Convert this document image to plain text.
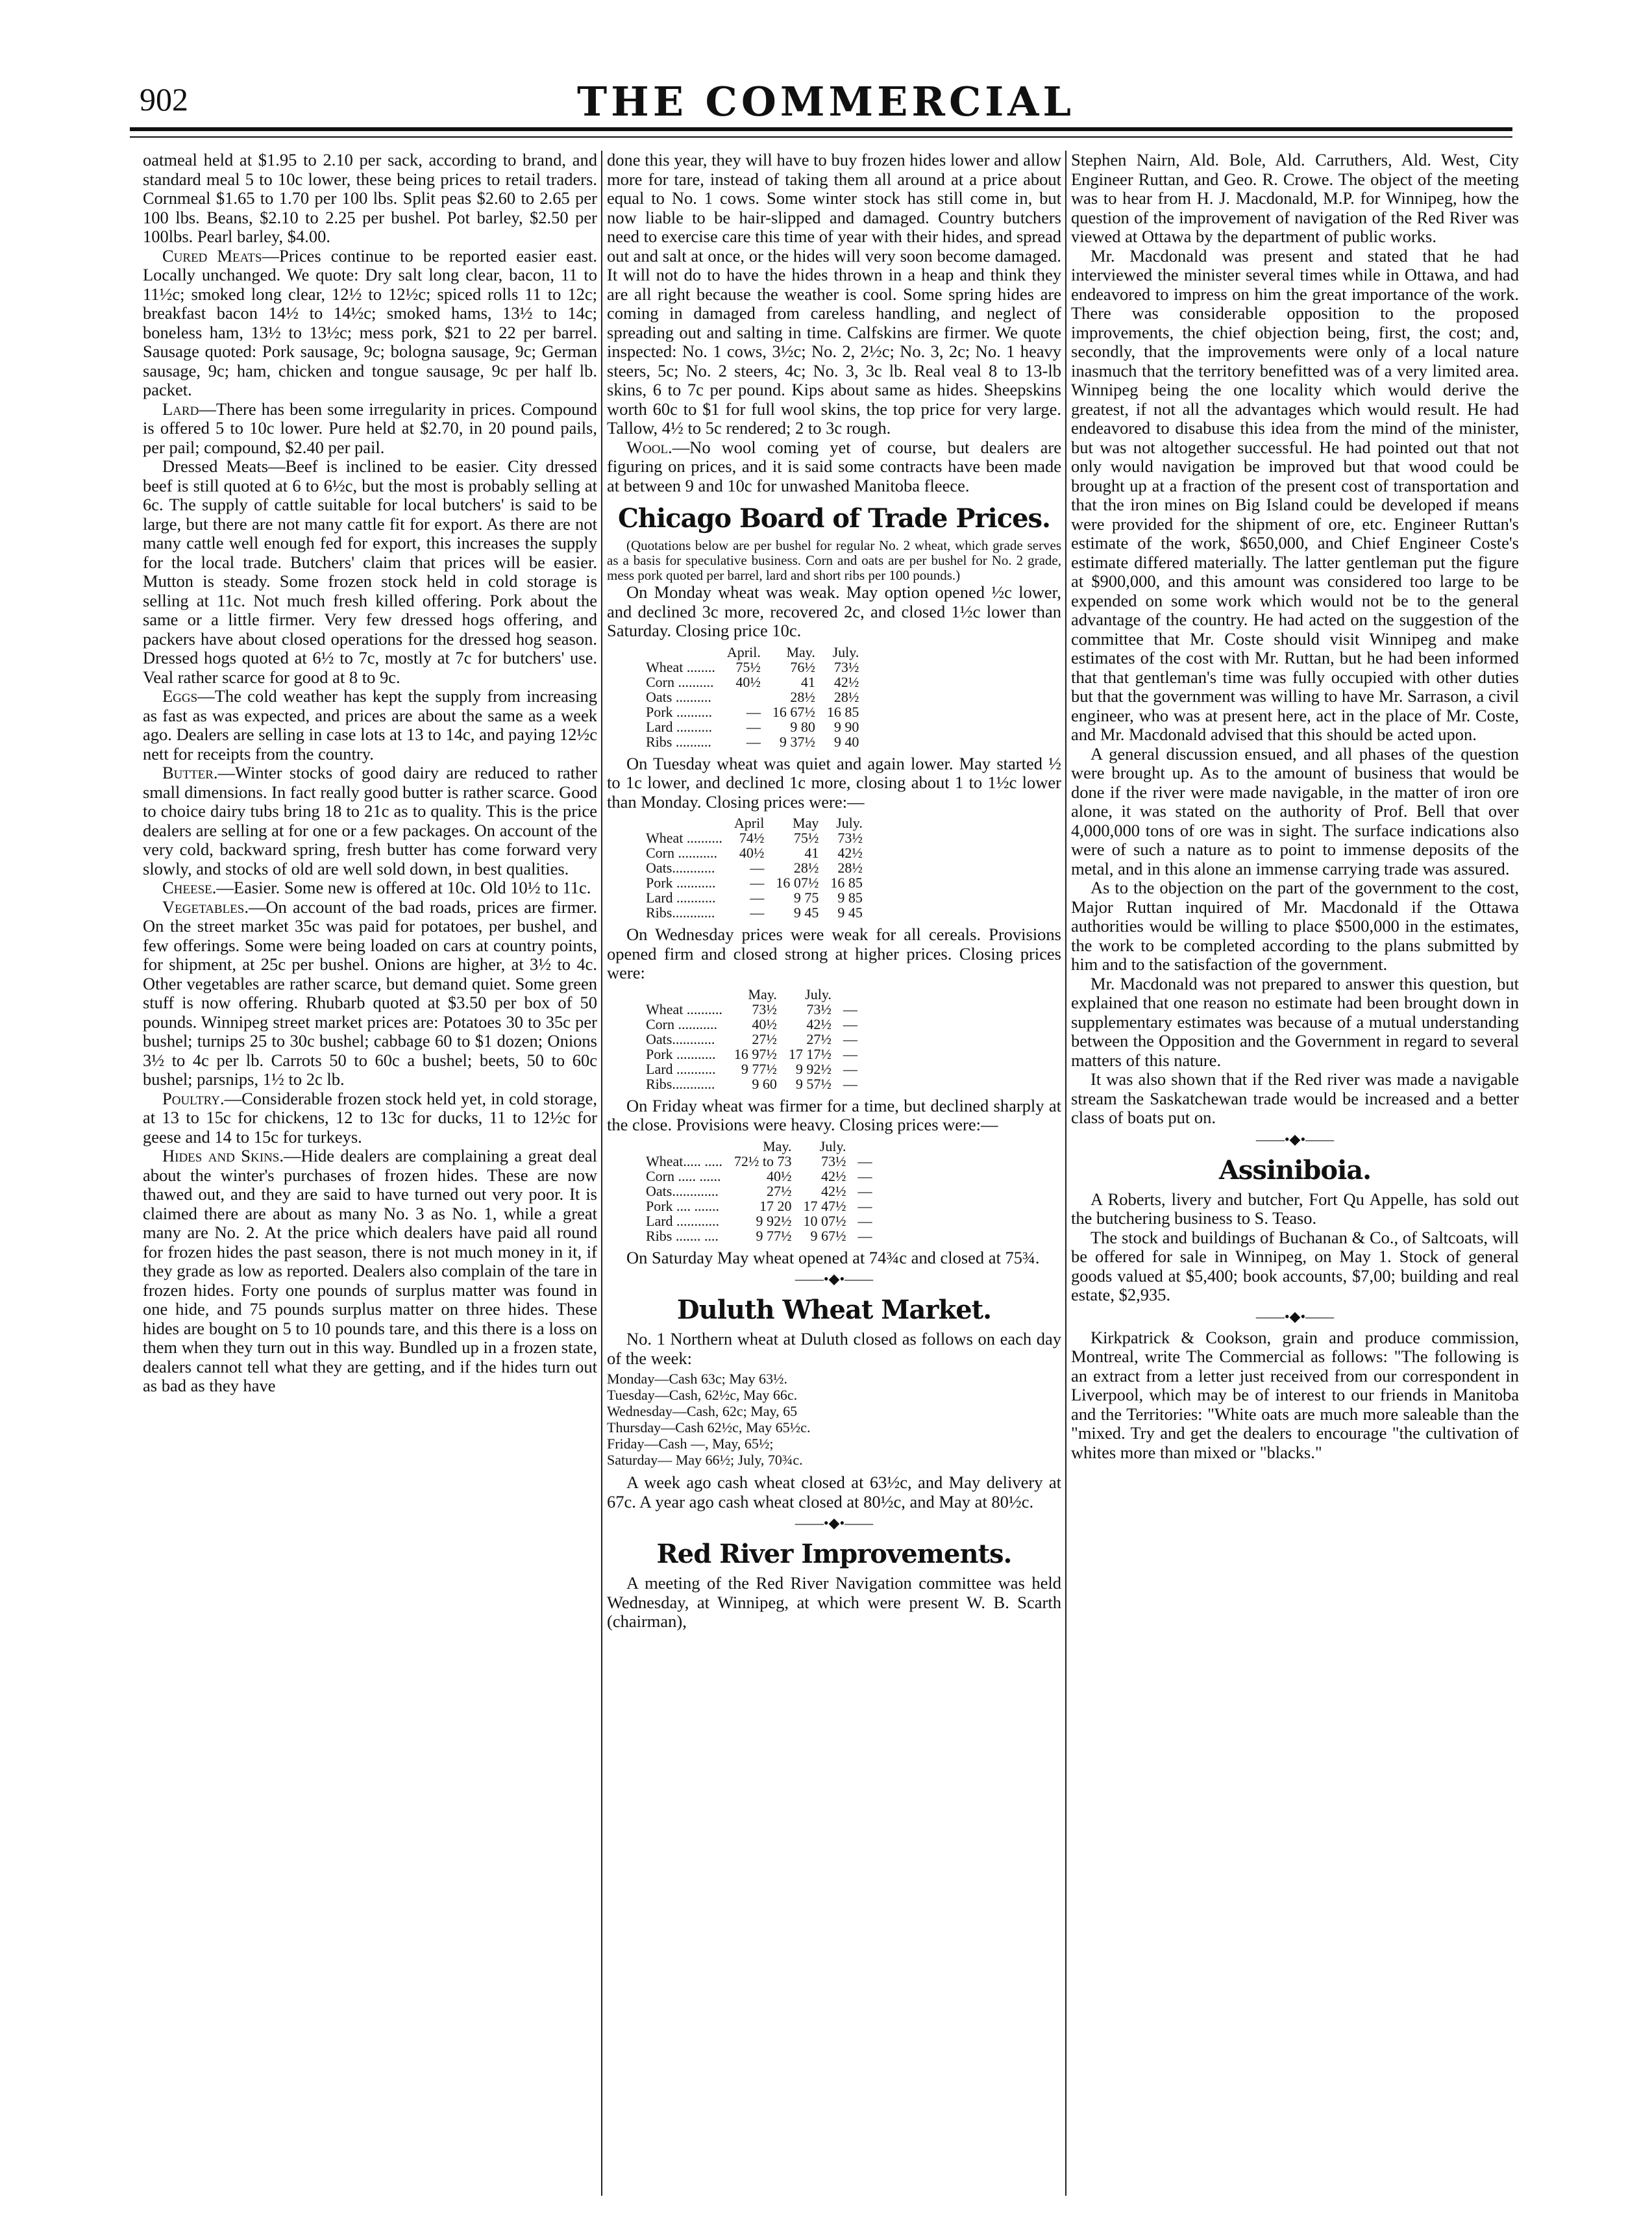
902	THE COMMERCIAL

oatmeal held at $1.95 to 2.10 per sack, according to brand, and standard meal 5 to 10c lower, these being prices to retail traders. Cornmeal $1.65 to 1.70 per 100 lbs. Split peas $2.60 to 2.65 per 100 lbs. Beans, $2.10 to 2.25 per bushel. Pot barley, $2.50 per 100lbs. Pearl barley, $4.00.

Cured Meats—Prices continue to be reported easier east. Locally unchanged. We quote: Dry salt long clear, bacon, 11 to 11½c; smoked long clear, 12½ to 12½c; spiced rolls 11 to 12c; breakfast bacon 14½ to 14½c; smoked hams, 13½ to 14c; boneless ham, 13½ to 13½c; mess pork, $21 to 22 per barrel. Sausage quoted: Pork sausage, 9c; bologna sausage, 9c; German sausage, 9c; ham, chicken and tongue sausage, 9c per half lb. packet.

Lard—There has been some irregularity in prices. Compound is offered 5 to 10c lower. Pure held at $2.70, in 20 pound pails, per pail; compound, $2.40 per pail.

Dressed Meats—Beef is inclined to be easier. City dressed beef is still quoted at 6 to 6½c, but the most is probably selling at 6c. The supply of cattle suitable for local butchers' is said to be large, but there are not many cattle fit for export. As there are not many cattle well enough fed for export, this increases the supply for the local trade. Butchers' claim that prices will be easier. Mutton is steady. Some frozen stock held in cold storage is selling at 11c. Not much fresh killed offering. Pork about the same or a little firmer. Very few dressed hogs offering, and packers have about closed operations for the dressed hog season. Dressed hogs quoted at 6½ to 7c, mostly at 7c for butchers' use. Veal rather scarce for good at 8 to 9c.

Eggs—The cold weather has kept the supply from increasing as fast as was expected, and prices are about the same as a week ago. Dealers are selling in case lots at 13 to 14c, and paying 12½c nett for receipts from the country.

Butter.—Winter stocks of good dairy are reduced to rather small dimensions. In fact really good butter is rather scarce. Good to choice dairy tubs bring 18 to 21c as to quality. This is the price dealers are selling at for one or a few packages. On account of the very cold, backward spring, fresh butter has come forward very slowly, and stocks of old are well sold down, in best qualities.

Cheese.—Easier. Some new is offered at 10c. Old 10½ to 11c.

Vegetables.—On account of the bad roads, prices are firmer. On the street market 35c was paid for potatoes, per bushel, and few offerings. Some were being loaded on cars at country points, for shipment, at 25c per bushel. Onions are higher, at 3½ to 4c. Other vegetables are rather scarce, but demand quiet. Some green stuff is now offering. Rhubarb quoted at $3.50 per box of 50 pounds. Winnipeg street market prices are: Potatoes 30 to 35c per bushel; turnips 25 to 30c bushel; cabbage 60 to $1 dozen; Onions 3½ to 4c per lb. Carrots 50 to 60c a bushel; beets, 50 to 60c bushel; parsnips, 1½ to 2c lb.

Poultry.—Considerable frozen stock held yet, in cold storage, at 13 to 15c for chickens, 12 to 13c for ducks, 11 to 12½c for geese and 14 to 15c for turkeys.

Hides and Skins.—Hide dealers are complaining a great deal about the winter's purchases of frozen hides. These are now thawed out, and they are said to have turned out very poor. It is claimed there are about as many No. 3 as No. 1, while a great many are No. 2. At the price which dealers have paid all round for frozen hides the past season, there is not much money in it, if they grade as low as reported. Dealers also complain of the tare in frozen hides. Forty one pounds of surplus matter was found in one hide, and 75 pounds surplus matter on three hides. These hides are bought on 5 to 10 pounds tare, and this there is a loss on them when they turn out in this way. Bundled up in a frozen state, dealers cannot tell what they are getting, and if the hides turn out as bad as they have

done this year, they will have to buy frozen hides lower and allow more for tare, instead of taking them all around at a price about equal to No. 1 cows. Some winter stock has still come in, but now liable to be hair-slipped and damaged. Country butchers need to exercise care this time of year with their hides, and spread out and salt at once, or the hides will very soon become damaged. It will not do to have the hides thrown in a heap and think they are all right because the weather is cool. Some spring hides are coming in damaged from careless handling, and neglect of spreading out and salting in time. Calfskins are firmer. We quote inspected: No. 1 cows, 3½c; No. 2, 2½c; No. 3, 2c; No. 1 heavy steers, 5c; No. 2 steers, 4c; No. 3, 3c lb. Real veal 8 to 13-lb skins, 6 to 7c per pound. Kips about same as hides. Sheepskins worth 60c to $1 for full wool skins, the top price for very large. Tallow, 4½ to 5c rendered; 2 to 3c rough.

Wool.—No wool coming yet of course, but dealers are figuring on prices, and it is said some contracts have been made at between 9 and 10c for unwashed Manitoba fleece.

Chicago Board of Trade Prices.

(Quotations below are per bushel for regular No. 2 wheat, which grade serves as a basis for speculative business. Corn and oats are per bushel for No. 2 grade, mess pork quoted per barrel, lard and short ribs per 100 pounds.)

On Monday wheat was weak. May option opened ½c lower, and declined 3c more, recovered 2c, and closed 1½c lower than Saturday. Closing price 10c.

	April.	May.	July.
Wheat ........	75½	76½	73½
Corn ..........	40½	41	42½
Oats ..........		28½	28½
Pork ..........	—	16 67½	16 85
Lard ..........	—	9 80	9 90
Ribs ..........	—	9 37½	9 40

On Tuesday wheat was quiet and again lower. May started ½ to 1c lower, and declined 1c more, closing about 1 to 1½c lower than Monday. Closing prices were:—

	April	May	July.
Wheat ..........	74½	75½	73½
Corn ...........	40½	41	42½
Oats............	—	28½	28½
Pork ...........	—	16 07½	16 85
Lard ...........	—	9 75	9 85
Ribs............	—	9 45	9 45

On Wednesday prices were weak for all cereals. Provisions opened firm and closed strong at higher prices. Closing prices were:

	May.	July.	
Wheat ..........	73½	73½	—
Corn ...........	40½	42½	—
Oats............	27½	27½	—
Pork ...........	16 97½	17 17½	—
Lard ...........	9 77½	9 92½	—
Ribs............	9 60	9 57½	—

On Friday wheat was firmer for a time, but declined sharply at the close. Provisions were heavy. Closing prices were:—

	May.	July.	
Wheat..... .....	72½ to 73	73½	—
Corn ..... ......	40½	42½	—
Oats.............	27½	42½	—
Pork .... .......	17 20	17 47½	—
Lard ............	9 92½	10 07½	—
Ribs ....... ....	9 77½	9 67½	—

On Saturday May wheat opened at 74¾c and closed at 75¾.

——•◆•——
Duluth Wheat Market.

No. 1 Northern wheat at Duluth closed as follows on each day of the week:

Monday—Cash 63c; May 63½.
Tuesday—Cash, 62½c, May 66c.
Wednesday—Cash, 62c; May, 65
Thursday—Cash 62½c, May 65½c.
Friday—Cash —, May, 65½;
Saturday— May 66½; July, 70¾c.

A week ago cash wheat closed at 63½c, and May delivery at 67c. A year ago cash wheat closed at 80½c, and May at 80½c.

——•◆•——
Red River Improvements.

A meeting of the Red River Navigation committee was held Wednesday, at Winnipeg, at which were present W. B. Scarth (chairman),

Stephen Nairn, Ald. Bole, Ald. Carruthers, Ald. West, City Engineer Ruttan, and Geo. R. Crowe. The object of the meeting was to hear from H. J. Macdonald, M.P. for Winnipeg, how the question of the improvement of navigation of the Red River was viewed at Ottawa by the department of public works.

Mr. Macdonald was present and stated that he had interviewed the minister several times while in Ottawa, and had endeavored to impress on him the great importance of the work. There was considerable opposition to the proposed improvements, the chief objection being, first, the cost; and, secondly, that the improvements were only of a local nature inasmuch that the territory benefitted was of a very limited area. Winnipeg being the one locality which would derive the greatest, if not all the advantages which would result. He had endeavored to disabuse this idea from the mind of the minister, but was not altogether successful. He had pointed out that not only would navigation be improved but that wood could be brought up at a fraction of the present cost of transportation and that the iron mines on Big Island could be developed if means were provided for the shipment of ore, etc. Engineer Ruttan's estimate of the work, $650,000, and Chief Engineer Coste's estimate differed materially. The latter gentleman put the figure at $900,000, and this amount was considered too large to be expended on some work which would not be to the general advantage of the country. He had acted on the suggestion of the committee that Mr. Coste should visit Winnipeg and make estimates of the cost with Mr. Ruttan, but he had been informed that that gentleman's time was fully occupied with other duties but that the government was willing to have Mr. Sarrason, a civil engineer, who was at present here, act in the place of Mr. Coste, and Mr. Macdonald advised that this should be acted upon.

A general discussion ensued, and all phases of the question were brought up. As to the amount of business that would be done if the river were made navigable, in the matter of iron ore alone, it was stated on the authority of Prof. Bell that over 4,000,000 tons of ore was in sight. The surface indications also were of such a nature as to point to immense deposits of the metal, and in this alone an immense carrying trade was assured.

As to the objection on the part of the government to the cost, Major Ruttan inquired of Mr. Macdonald if the Ottawa authorities would be willing to place $500,000 in the estimates, the work to be completed according to the plans submitted by him and to the satisfaction of the government.

Mr. Macdonald was not prepared to answer this question, but explained that one reason no estimate had been brought down in supplementary estimates was because of a mutual understanding between the Opposition and the Government in regard to several matters of this nature.

It was also shown that if the Red river was made a navigable stream the Saskatchewan trade would be increased and a better class of boats put on.

——•◆•——
Assiniboia.

A Roberts, livery and butcher, Fort Qu Appelle, has sold out the butchering business to S. Teaso.

The stock and buildings of Buchanan & Co., of Saltcoats, will be offered for sale in Winnipeg, on May 1. Stock of general goods valued at $5,400; book accounts, $7,00; building and real estate, $2,935.

——•◆•——

Kirkpatrick & Cookson, grain and produce commission, Montreal, write The Commercial as follows: "The following is an extract from a letter just received from our correspondent in Liverpool, which may be of interest to our friends in Manitoba and the Territories: "White oats are much more saleable than the "mixed. Try and get the dealers to encourage "the cultivation of whites more than mixed or "blacks."
